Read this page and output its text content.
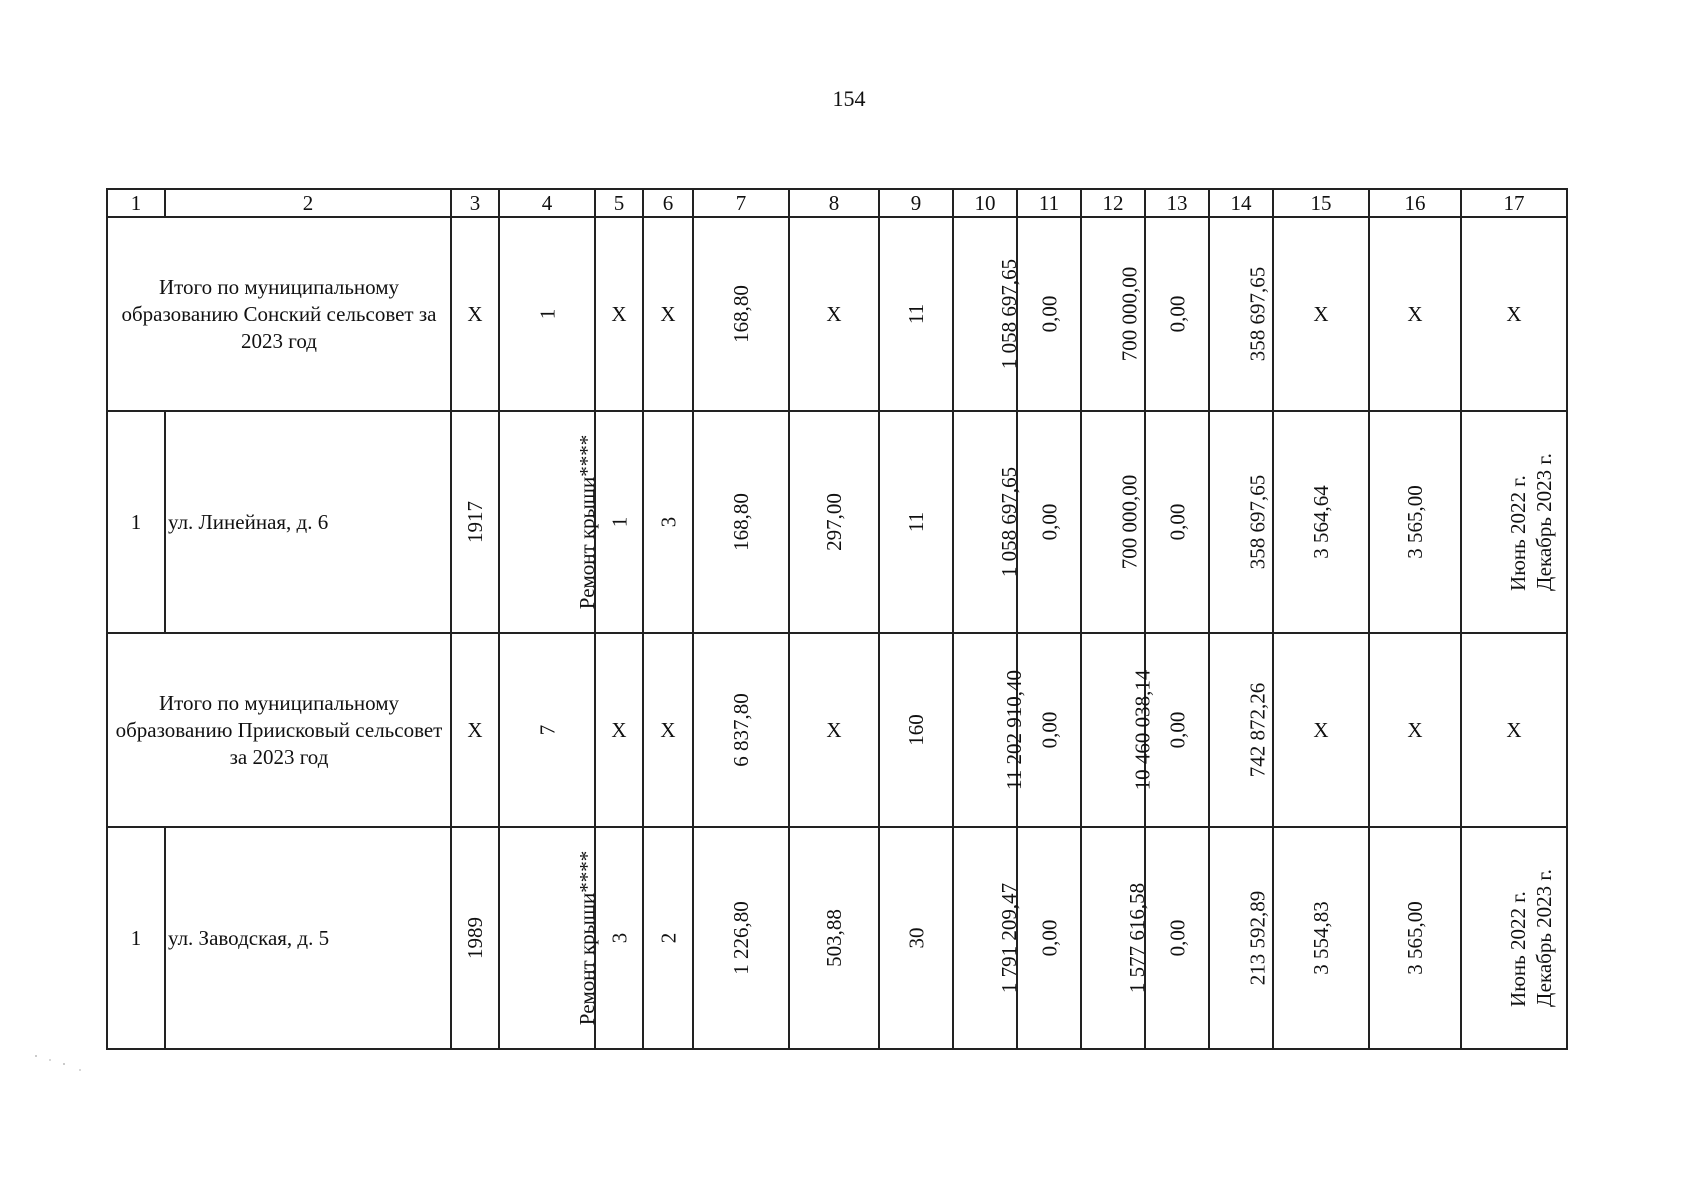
154
1	2	3	4	5	6	7	8	9	10	11	12	13	14	15	16	17
Итого по муниципальному образованию Сонский сельсовет за 2023 год		Х	1	Х	Х	168,80	Х	11	1 058 697,65	0,00	700 000,00	0,00	358 697,65	Х	Х	Х
1	ул. Линейная, д. 6	1917	Ремонт крыши****	1	3	168,80	297,00	11	1 058 697,65	0,00	700 000,00	0,00	358 697,65	3 564,64	3 565,00	Июнь 2022 г. Декабрь 2023 г.

Итого по муниципальному образованию Приисковый сельсовет за 2023 год		Х	7	Х	Х	6 837,80	Х	160	11 202 910,40	0,00	10 460 038,14	0,00	742 872,26	Х	Х	Х
1	ул. Заводская, д. 5	1989	Ремонт крыши****	3	2	1 226,80	503,88	30	1 791 209,47	0,00	1 577 616,58	0,00	213 592,89	3 554,83	3 565,00	Июнь 2022 г. Декабрь 2023 г.
